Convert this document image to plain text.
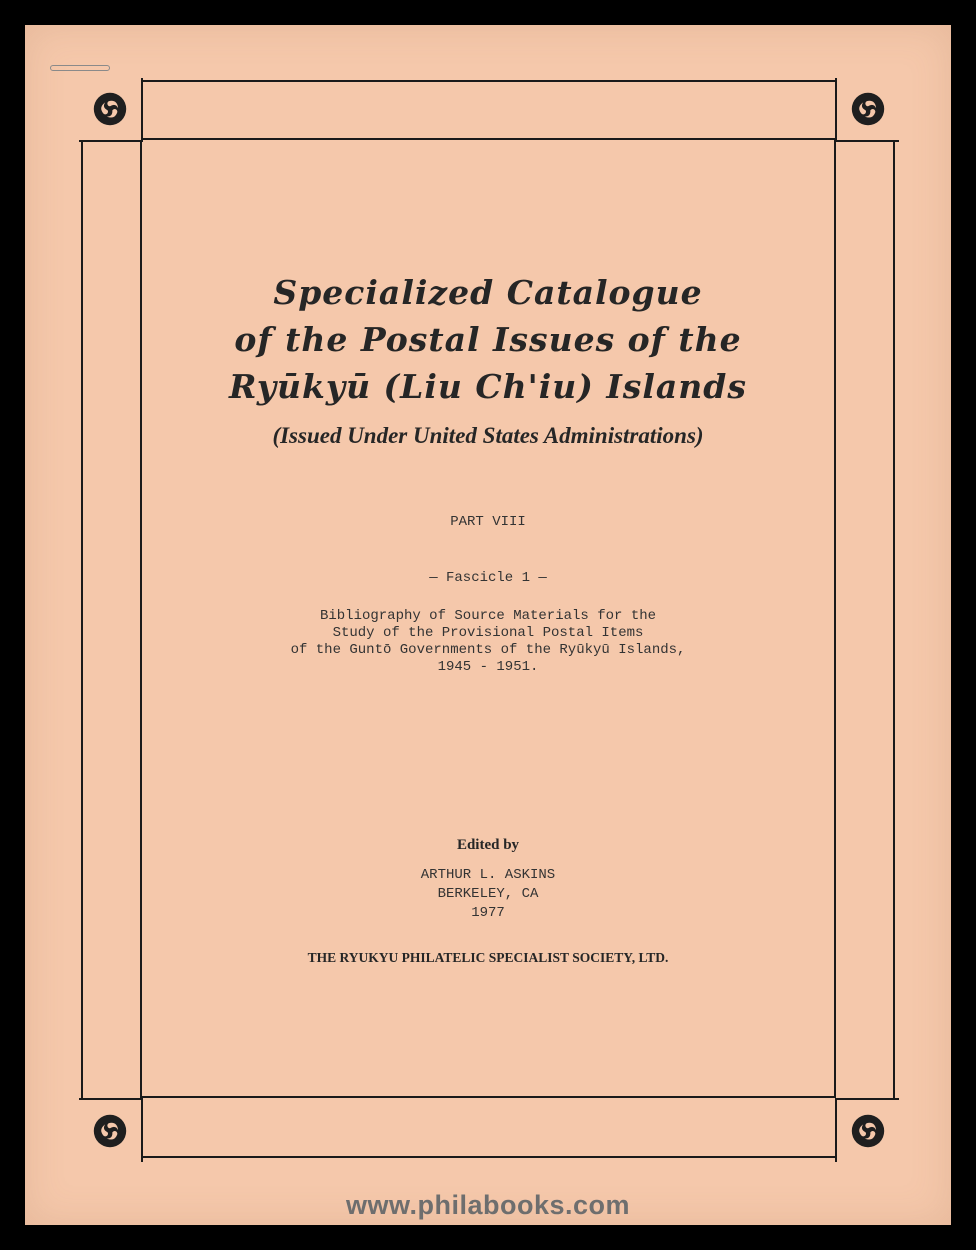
Specialized Catalogue
of the Postal Issues of the
Ryūkyū (Liu Ch'iu) Islands
(Issued Under United States Administrations)
PART VIII
— Fascicle 1 —
Bibliography of Source Materials for the
Study of the Provisional Postal Items
of the Guntō Governments of the Ryūkyū Islands,
1945 - 1951.
Edited by
ARTHUR L. ASKINS
BERKELEY, CA
1977
THE RYUKYU PHILATELIC SPECIALIST SOCIETY, LTD.
www.philabooks.com
